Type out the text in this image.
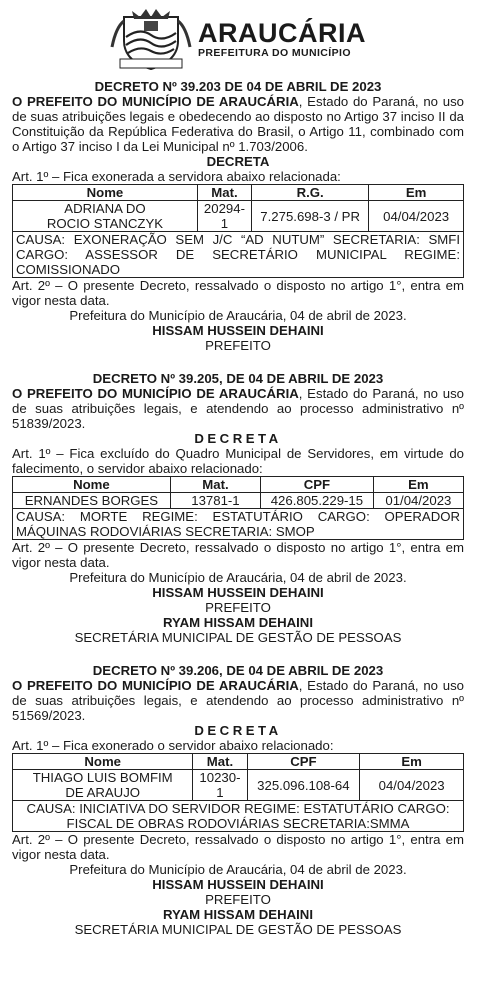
ARAUCÁRIA
PREFEITURA DO MUNICÍPIO
DECRETO Nº 39.203 DE 04 DE ABRIL DE 2023
O PREFEITO DO MUNICÍPIO DE ARAUCÁRIA, Estado do Paraná, no uso de suas atribuições legais e obedecendo ao disposto no Artigo 37 inciso II da Constituição da República Federativa do Brasil, o Artigo 11, combinado com o Artigo 37 inciso I da Lei Municipal nº 1.703/2006.
DECRETA
Art. 1º – Fica exonerada a servidora abaixo relacionada:
Nome	Mat.	R.G.	Em
ADRIANA DO ROCIO STANCZYK	20294-1	7.275.698-3 / PR	04/04/2023
CAUSA: EXONERAÇÃO SEM J/C “AD NUTUM” SECRETARIA: SMFI CARGO: ASSESSOR DE SECRETÁRIO MUNICIPAL REGIME: COMISSIONADO
Art. 2º – O presente Decreto, ressalvado o disposto no artigo 1°, entra em vigor nesta data.
Prefeitura do Município de Araucária, 04 de abril de 2023.
HISSAM HUSSEIN DEHAINI
PREFEITO
DECRETO Nº 39.205, DE 04 DE ABRIL DE 2023
O PREFEITO DO MUNICÍPIO DE ARAUCÁRIA, Estado do Paraná, no uso de suas atribuições legais, e atendendo ao processo administrativo nº 51839/2023.
DECRETA
Art. 1º – Fica excluído do Quadro Municipal de Servidores, em virtude do falecimento, o servidor abaixo relacionado:
Nome	Mat.	CPF	Em
ERNANDES BORGES	13781-1	426.805.229-15	01/04/2023
CAUSA: MORTE REGIME: ESTATUTÁRIO CARGO: OPERADOR MÁQUINAS RODOVIÁRIAS SECRETARIA: SMOP
Art. 2º – O presente Decreto, ressalvado o disposto no artigo 1°, entra em vigor nesta data.
Prefeitura do Município de Araucária, 04 de abril de 2023.
HISSAM HUSSEIN DEHAINI
PREFEITO
RYAM HISSAM DEHAINI
SECRETÁRIA MUNICIPAL DE GESTÃO DE PESSOAS
DECRETO Nº 39.206, DE 04 DE ABRIL DE 2023
O PREFEITO DO MUNICÍPIO DE ARAUCÁRIA, Estado do Paraná, no uso de suas atribuições legais, e atendendo ao processo administrativo nº 51569/2023.
DECRETA
Art. 1º – Fica exonerado o servidor abaixo relacionado:
Nome	Mat.	CPF	Em
THIAGO LUIS BOMFIM DE ARAUJO	10230-1	325.096.108-64	04/04/2023
CAUSA: INICIATIVA DO SERVIDOR REGIME: ESTATUTÁRIO CARGO: FISCAL DE OBRAS RODOVIÁRIAS SECRETARIA:SMMA
Art. 2º – O presente Decreto, ressalvado o disposto no artigo 1°, entra em vigor nesta data.
Prefeitura do Município de Araucária, 04 de abril de 2023.
HISSAM HUSSEIN DEHAINI
PREFEITO
RYAM HISSAM DEHAINI
SECRETÁRIA MUNICIPAL DE GESTÃO DE PESSOAS
